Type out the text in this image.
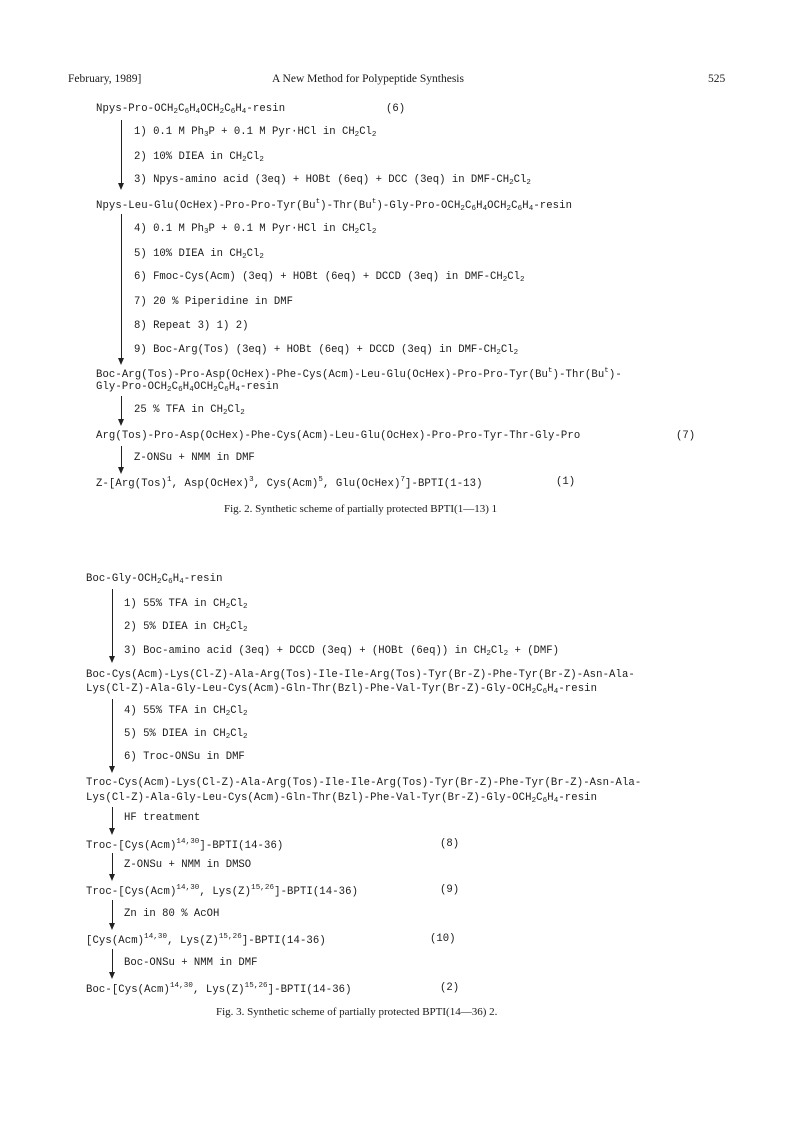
February, 1989]	A New Method for Polypeptide Synthesis	525
Npys-Pro-OCH2C6H4OCH2C6H4-resin	(6)
1) 0.1 M Ph3P + 0.1 M Pyr·HCl in CH2Cl2
2) 10% DIEA in CH2Cl2
3) Npys-amino acid (3eq) + HOBt (6eq) + DCC (3eq) in DMF-CH2Cl2
Npys-Leu-Glu(OcHex)-Pro-Pro-Tyr(Bu$^t$)-Thr(Bu$^t$)-Gly-Pro-OCH2C6H4OCH2C6H4-resin
4) 0.1 M Ph3P + 0.1 M Pyr·HCl in CH2Cl2
5) 10% DIEA in CH2Cl2
6) Fmoc-Cys(Acm) (3eq) + HOBt (6eq) + DCCD (3eq) in DMF-CH2Cl2
7) 20 % Piperidine in DMF
8) Repeat 3) 1) 2)
9) Boc-Arg(Tos) (3eq) + HOBt (6eq) + DCCD (3eq) in DMF-CH2Cl2
Boc-Arg(Tos)-Pro-Asp(OcHex)-Phe-Cys(Acm)-Leu-Glu(OcHex)-Pro-Pro-Tyr(Bu$^t$)-Thr(Bu$^t$)-
Gly-Pro-OCH2C6H4OCH2C6H4-resin
25 % TFA in CH2Cl2
Arg(Tos)-Pro-Asp(OcHex)-Phe-Cys(Acm)-Leu-Glu(OcHex)-Pro-Pro-Tyr-Thr-Gly-Pro	(7)
Z-ONSu + NMM in DMF
Z-[Arg(Tos)$^1$, Asp(OcHex)$^3$, Cys(Acm)$^5$, Glu(OcHex)$^7$]-BPTI(1-13)	(1)
Fig. 2. Synthetic scheme of partially protected BPTI(1—13) 1
Boc-Gly-OCH2C6H4-resin
1) 55% TFA in CH2Cl2
2) 5% DIEA in CH2Cl2
3) Boc-amino acid (3eq) + DCCD (3eq) + (HOBt (6eq)) in CH2Cl2 + (DMF)
Boc-Cys(Acm)-Lys(Cl-Z)-Ala-Arg(Tos)-Ile-Ile-Arg(Tos)-Tyr(Br-Z)-Phe-Tyr(Br-Z)-Asn-Ala-
Lys(Cl-Z)-Ala-Gly-Leu-Cys(Acm)-Gln-Thr(Bzl)-Phe-Val-Tyr(Br-Z)-Gly-OCH2C6H4-resin
4) 55% TFA in CH2Cl2
5) 5% DIEA in CH2Cl2
6) Troc-ONSu in DMF
Troc-Cys(Acm)-Lys(Cl-Z)-Ala-Arg(Tos)-Ile-Ile-Arg(Tos)-Tyr(Br-Z)-Phe-Tyr(Br-Z)-Asn-Ala-
Lys(Cl-Z)-Ala-Gly-Leu-Cys(Acm)-Gln-Thr(Bzl)-Phe-Val-Tyr(Br-Z)-Gly-OCH2C6H4-resin
HF treatment
Troc-[Cys(Acm)$^{14,30}$]-BPTI(14-36)	(8)
Z-ONSu + NMM in DMSO
Troc-[Cys(Acm)$^{14,30}$, $Lys(Z)^{15,26}]-BPTI(14-36)$	(9)
Zn in 80 % AcOH
[Cys(Acm)$^{14,30}$, $Lys(Z)^{15,26}]-BPTI(14-36)$	(10)
Boc-ONSu + NMM in DMF
Boc-[Cys(Acm)$^{14,30}$, $Lys(Z)^{15,26}]-BPTI(14-36)$	(2)
Fig. 3. Synthetic scheme of partially protected BPTI(14—36) 2.
